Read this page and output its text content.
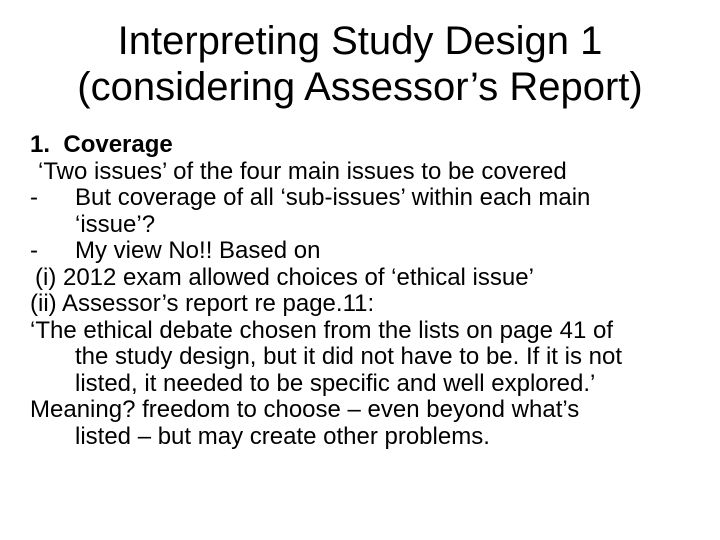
Interpreting Study Design 1
(considering Assessor’s Report)
1. Coverage
‘Two issues’ of the four main issues to be covered
- But coverage of all ‘sub-issues’ within each main
‘issue’?
- My view No!! Based on
(i) 2012 exam allowed choices of ‘ethical issue’
(ii) Assessor’s report re page.11:
‘The ethical debate chosen from the lists on page 41 of
the study design, but it did not have to be. If it is not
listed, it needed to be specific and well explored.’
Meaning? freedom to choose – even beyond what’s
listed – but may create other problems.
